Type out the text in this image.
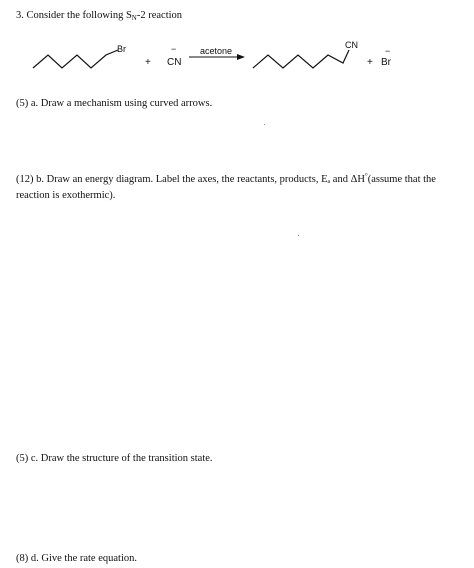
3. Consider the following $S_N-2$ reaction
Br
+
−
CN
acetone
CN
+
−
Br
(5) a. Draw a mechanism using curved arrows.
(12) b. Draw an energy diagram. Label the axes, the reactants, products, $E_a$ and ΔH°(assume that the reaction is exothermic).
(5) c. Draw the structure of the transition state.
(8) d. Give the rate equation.
